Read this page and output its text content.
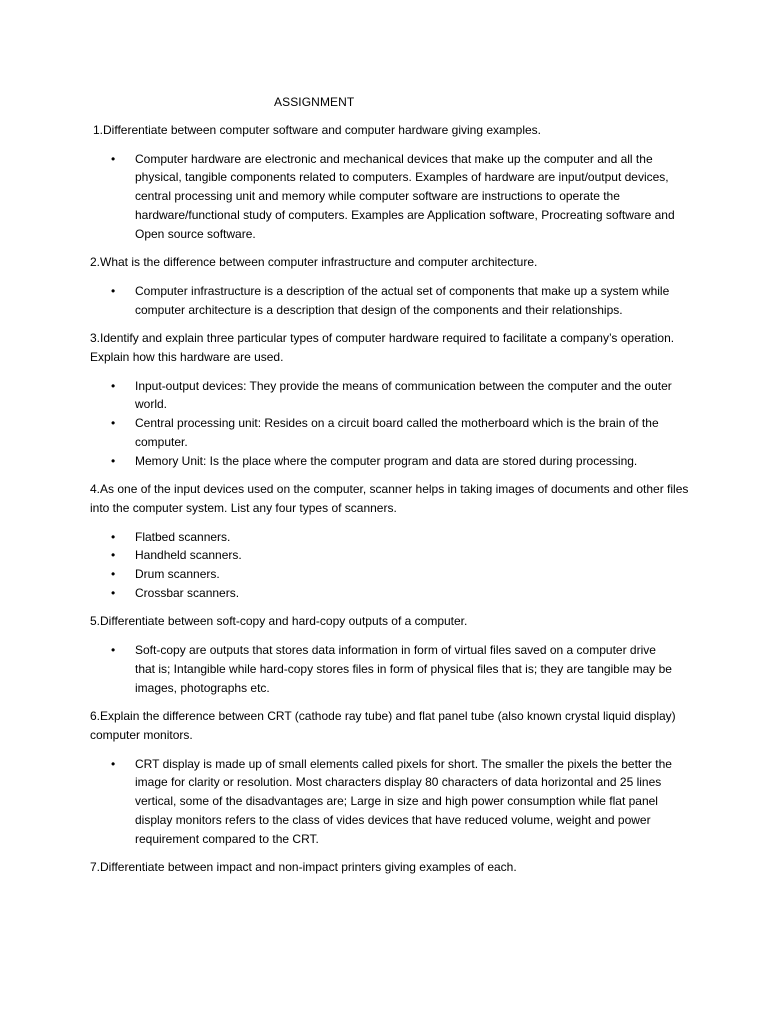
ASSIGNMENT

1.Differentiate between computer software and computer hardware giving examples.

• Computer hardware are electronic and mechanical devices that make up the computer and all the physical, tangible components related to computers. Examples of hardware are input/output devices, central processing unit and memory while computer software are instructions to operate the hardware/functional study of computers. Examples are Application software, Procreating software and Open source software.

2.What is the difference between computer infrastructure and computer architecture.

• Computer infrastructure is a description of the actual set of components that make up a system while computer architecture is a description that design of the components and their relationships.

3.Identify and explain three particular types of computer hardware required to facilitate a company’s operation. Explain how this hardware are used.

• Input-output devices: They provide the means of communication between the computer and the outer world.
• Central processing unit: Resides on a circuit board called the motherboard which is the brain of the computer.
• Memory Unit: Is the place where the computer program and data are stored during processing.

4.As one of the input devices used on the computer, scanner helps in taking images of documents and other files into the computer system. List any four types of scanners.

• Flatbed scanners.
• Handheld scanners.
• Drum scanners.
• Crossbar scanners.

5.Differentiate between soft-copy and hard-copy outputs of a computer.

• Soft-copy are outputs that stores data information in form of virtual files saved on a computer drive that is; Intangible while hard-copy stores files in form of physical files that is; they are tangible may be images, photographs etc.

6.Explain the difference between CRT (cathode ray tube) and flat panel tube (also known crystal liquid display) computer monitors.

• CRT display is made up of small elements called pixels for short. The smaller the pixels the better the image for clarity or resolution. Most characters display 80 characters of data horizontal and 25 lines vertical, some of the disadvantages are; Large in size and high power consumption while flat panel display monitors refers to the class of vides devices that have reduced volume, weight and power requirement compared to the CRT.

7.Differentiate between impact and non-impact printers giving examples of each.
